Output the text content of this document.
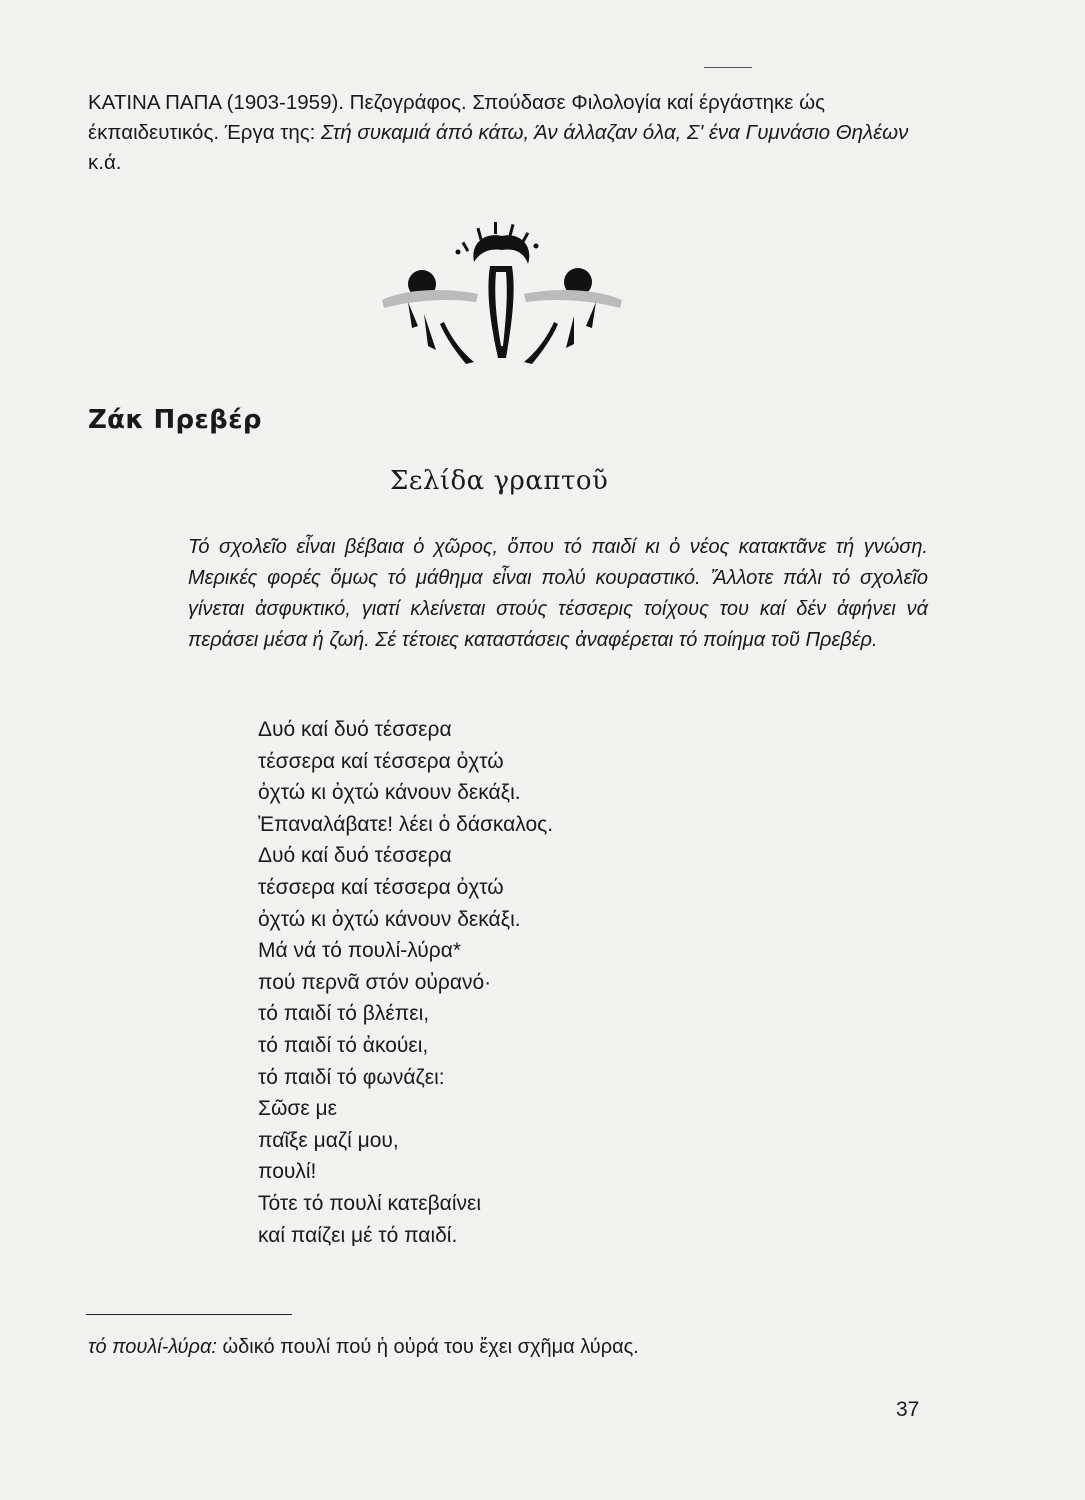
ΚΑΤΙΝΑ ΠΑΠΑ (1903-1959). Πεζογράφος. Σπούδασε Φιλολογία καί έργάστηκε ώς έκπαιδευτικός. Έργα της: Στή συκαμιά άπό κάτω, Άν άλλαζαν όλα, Σ' ένα Γυμνάσιο Θηλέων κ.ά.
Ζάκ Πρεβέρ
Σελίδα γραπτοῦ
Τό σχολεῖο εἶναι βέβαια ὁ χῶρος, ὅπου τό παιδί κι ὁ νέος κατακτᾶνε τή γνώση. Μερικές φορές ὅμως τό μάθημα εἶναι πολύ κουραστικό. Ἄλλοτε πάλι τό σχολεῖο γίνεται ἀσφυκτικό, γιατί κλείνεται στούς τέσσερις τοίχους του καί δέν ἀφήνει νά περάσει μέσα ἡ ζωή. Σέ τέτοιες καταστάσεις ἀναφέρεται τό ποίημα τοῦ Πρεβέρ.
Δυό καί δυό τέσσερα
τέσσερα καί τέσσερα ὀχτώ
ὀχτώ κι ὀχτώ κάνουν δεκάξι.
Ἐπαναλάβατε! λέει ὁ δάσκαλος.
Δυό καί δυό τέσσερα
τέσσερα καί τέσσερα ὀχτώ
ὀχτώ κι ὀχτώ κάνουν δεκάξι.
Μά νά τό πουλί-λύρα*
πού περνᾶ στόν οὐρανό·
τό παιδί τό βλέπει,
τό παιδί τό ἀκούει,
τό παιδί τό φωνάζει:
Σῶσε με
παῖξε μαζί μου,
πουλί!
Τότε τό πουλί κατεβαίνει
καί παίζει μέ τό παιδί.
τό πουλί-λύρα: ὠδικό πουλί πού ἡ οὐρά του ἔχει σχῆμα λύρας.
37
